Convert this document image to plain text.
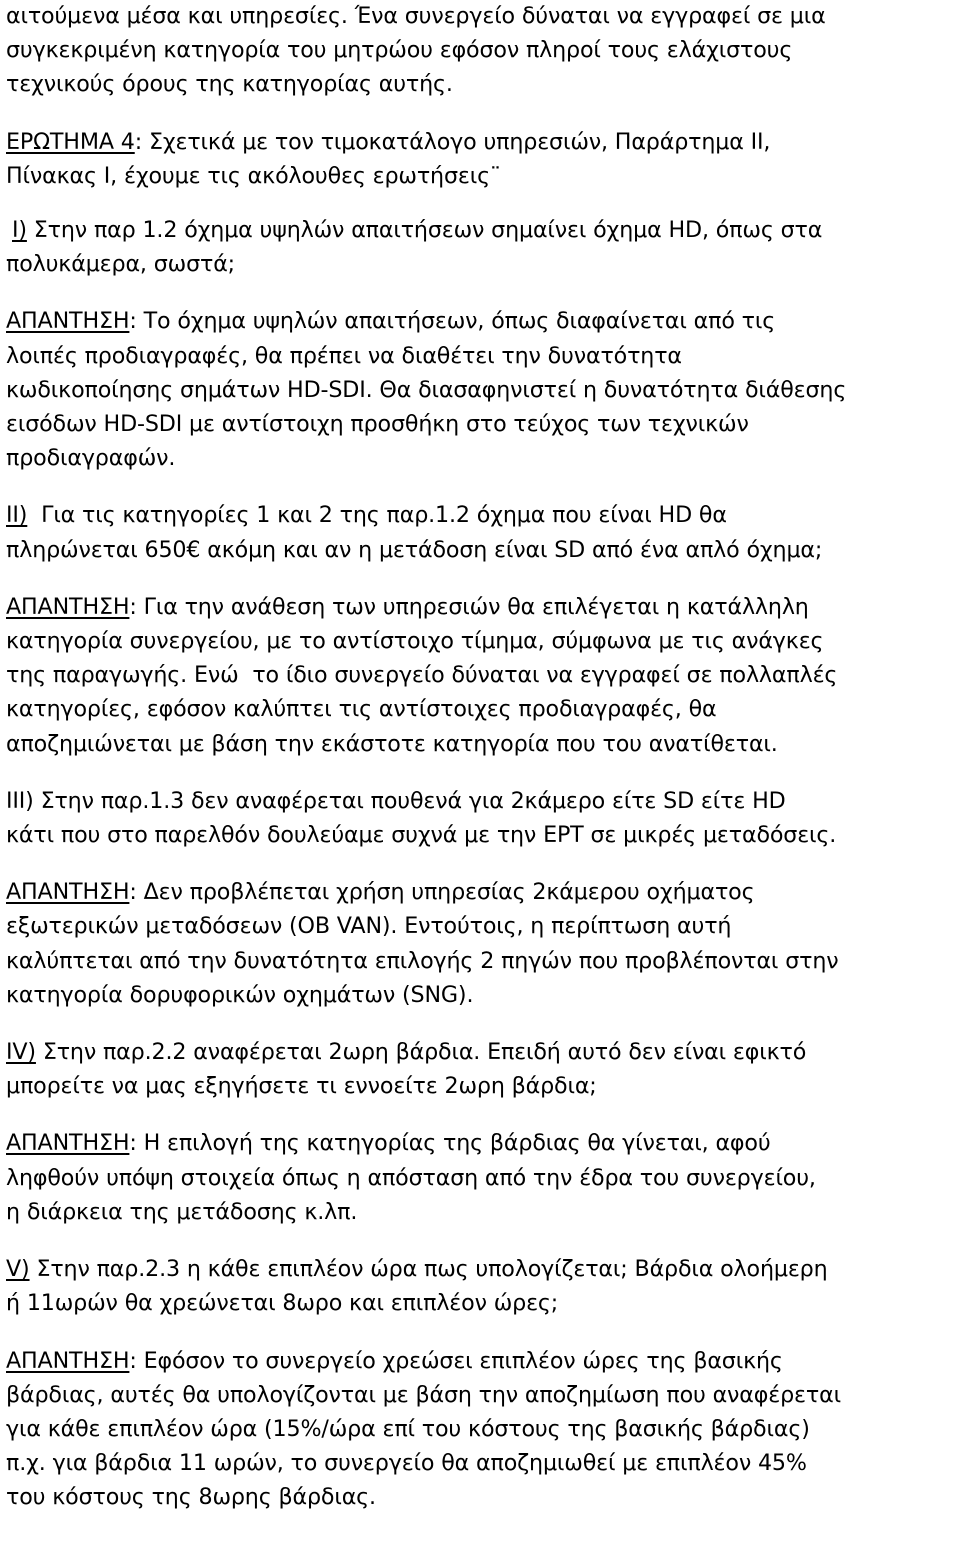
αιτούμενα μέσα και υπηρεσίες. Ένα συνεργείο δύναται να εγγραφεί σε μια
συγκεκριμένη κατηγορία του μητρώου εφόσον πληροί τους ελάχιστους
τεχνικούς όρους της κατηγορίας αυτής.
ΕΡΩΤΗΜΑ 4: Σχετικά με τον τιμοκατάλογο υπηρεσιών, Παράρτημα ΙΙ,
Πίνακας Ι, έχουμε τις ακόλουθες ερωτήσεις¨
Ι) Στην παρ 1.2 όχημα υψηλών απαιτήσεων σημαίνει όχημα HD, όπως στα
πολυκάμερα, σωστά;
ΑΠΑΝΤΗΣΗ: Το όχημα υψηλών απαιτήσεων, όπως διαφαίνεται από τις
λοιπές προδιαγραφές, θα πρέπει να διαθέτει την δυνατότητα
κωδικοποίησης σημάτων HD-SDI. Θα διασαφηνιστεί η δυνατότητα διάθεσης
εισόδων HD-SDI με αντίστοιχη προσθήκη στο τεύχος των τεχνικών
προδιαγραφών.
ΙΙ)  Για τις κατηγορίες 1 και 2 της παρ.1.2 όχημα που είναι HD θα
πληρώνεται 650€ ακόμη και αν η μετάδοση είναι SD από ένα απλό όχημα;
ΑΠΑΝΤΗΣΗ: Για την ανάθεση των υπηρεσιών θα επιλέγεται η κατάλληλη
κατηγορία συνεργείου, με το αντίστοιχο τίμημα, σύμφωνα με τις ανάγκες
της παραγωγής. Ενώ  το ίδιο συνεργείο δύναται να εγγραφεί σε πολλαπλές
κατηγορίες, εφόσον καλύπτει τις αντίστοιχες προδιαγραφές, θα
αποζημιώνεται με βάση την εκάστοτε κατηγορία που του ανατίθεται.
ΙΙΙ) Στην παρ.1.3 δεν αναφέρεται πουθενά για 2κάμερο είτε SD είτε HD
κάτι που στο παρελθόν δουλεύαμε συχνά με την ΕΡΤ σε μικρές μεταδόσεις.
ΑΠΑΝΤΗΣΗ: Δεν προβλέπεται χρήση υπηρεσίας 2κάμερου οχήματος
εξωτερικών μεταδόσεων (OB VAN). Εντούτοις, η περίπτωση αυτή
καλύπτεται από την δυνατότητα επιλογής 2 πηγών που προβλέπονται στην
κατηγορία δορυφορικών οχημάτων (SNG).
ΙV) Στην παρ.2.2 αναφέρεται 2ωρη βάρδια. Επειδή αυτό δεν είναι εφικτό
μπορείτε να μας εξηγήσετε τι εννοείτε 2ωρη βάρδια;
ΑΠΑΝΤΗΣΗ: Η επιλογή της κατηγορίας της βάρδιας θα γίνεται, αφού
ληφθούν υπόψη στοιχεία όπως η απόσταση από την έδρα του συνεργείου,
η διάρκεια της μετάδοσης κ.λπ.
V) Στην παρ.2.3 η κάθε επιπλέον ώρα πως υπολογίζεται; Βάρδια ολοήμερη
ή 11ωρών θα χρεώνεται 8ωρο και επιπλέον ώρες;
ΑΠΑΝΤΗΣΗ: Εφόσον το συνεργείο χρεώσει επιπλέον ώρες της βασικής
βάρδιας, αυτές θα υπολογίζονται με βάση την αποζημίωση που αναφέρεται
για κάθε επιπλέον ώρα (15%/ώρα επί του κόστους της βασικής βάρδιας)
π.χ. για βάρδια 11 ωρών, το συνεργείο θα αποζημιωθεί με επιπλέον 45%
του κόστους της 8ωρης βάρδιας.
